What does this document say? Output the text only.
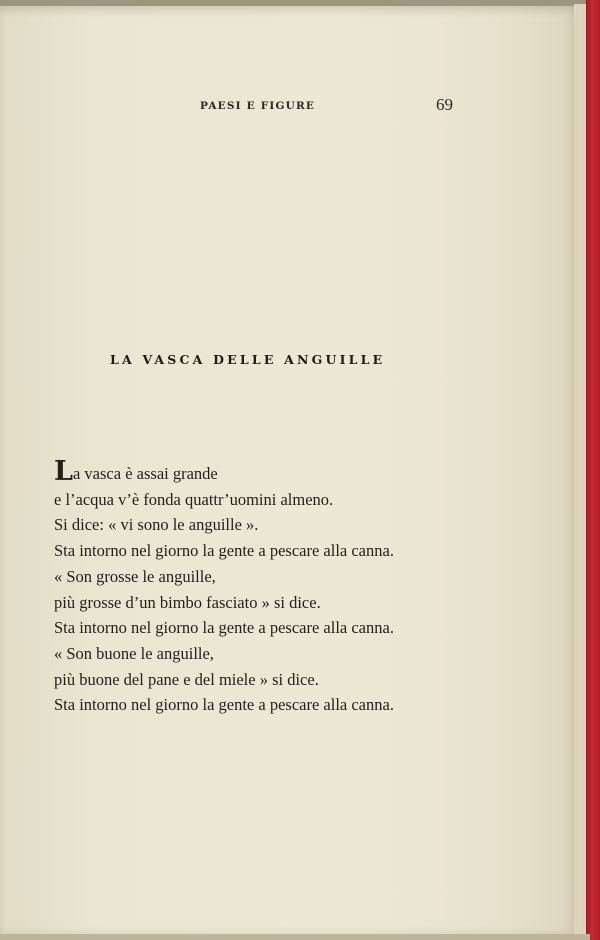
PAESI E FIGURE	69
LA VASCA DELLE ANGUILLE
La vasca è assai grande
e l’acqua v’è fonda quattr’uomini almeno.
Si dice: « vi sono le anguille ».
Sta intorno nel giorno la gente a pescare alla canna.
« Son grosse le anguille,
più grosse d’un bimbo fasciato » si dice.
Sta intorno nel giorno la gente a pescare alla canna.
« Son buone le anguille,
più buone del pane e del miele » si dice.
Sta intorno nel giorno la gente a pescare alla canna.
